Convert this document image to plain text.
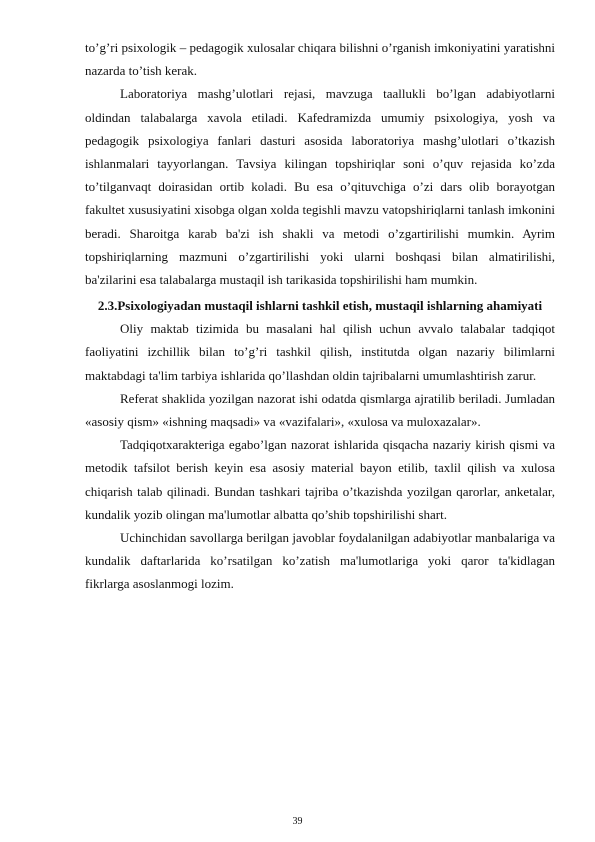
to’g’ri psixologik – pedagogik xulosalar chiqara bilishni o’rganish imkoniyatini yaratishni nazarda to’tish kerak.

Laboratoriya mashg’ulotlari rejasi, mavzuga taallukli bo’lgan adabiyotlarni oldindan talabalarga xavola etiladi. Kafedramizda umumiy psixologiya, yosh va pedagogik psixologiya fanlari dasturi asosida laboratoriya mashg’ulotlari o’tkazish ishlanmalari tayyorlangan. Tavsiya kilingan topshiriqlar soni o’quv rejasida ko’zda to’tilganvaqt doirasidan ortib koladi. Bu esa o’qituvchiga o’zi dars olib borayotgan fakultet xususiyatini xisobga olgan xolda tegishli mavzu vatopshiriqlarni tanlash imkonini beradi. Sharoitga karab ba'zi ish shakli va metodi o’zgartirilishi mumkin. Ayrim topshiriqlarning mazmuni o’zgartirilishi yoki ularni boshqasi bilan almatirilishi, ba'zilarini esa talabalarga mustaqil ish tarikasida topshirilishi ham mumkin.

2.3.Psixologiyadan mustaqil ishlarni tashkil etish, mustaqil ishlarning ahamiyati

Oliy maktab tizimida bu masalani hal qilish uchun avvalo talabalar tadqiqot faoliyatini izchillik bilan to’g’ri tashkil qilish, institutda olgan nazariy bilimlarni maktabdagi ta'lim tarbiya ishlarida qo’llashdan oldin tajribalarni umumlashtirish zarur.

Referat shaklida yozilgan nazorat ishi odatda qismlarga ajratilib beriladi. Jumladan «asosiy qism» «ishning maqsadi» va «vazifalari», «xulosa va muloxazalar».

Tadqiqotxarakteriga egabo’lgan nazorat ishlarida qisqacha nazariy kirish qismi va metodik tafsilot berish keyin esa asosiy material bayon etilib, taxlil qilish va xulosa chiqarish talab qilinadi. Bundan tashkari tajriba o’tkazishda yozilgan qarorlar, anketalar, kundalik yozib olingan ma'lumotlar albatta qo’shib topshirilishi shart.

Uchinchidan savollarga berilgan javoblar foydalanilgan adabiyotlar manbalariga va kundalik daftarlarida ko’rsatilgan ko’zatish ma'lumotlariga yoki qaror ta'kidlagan fikrlarga asoslanmogi lozim.

39
